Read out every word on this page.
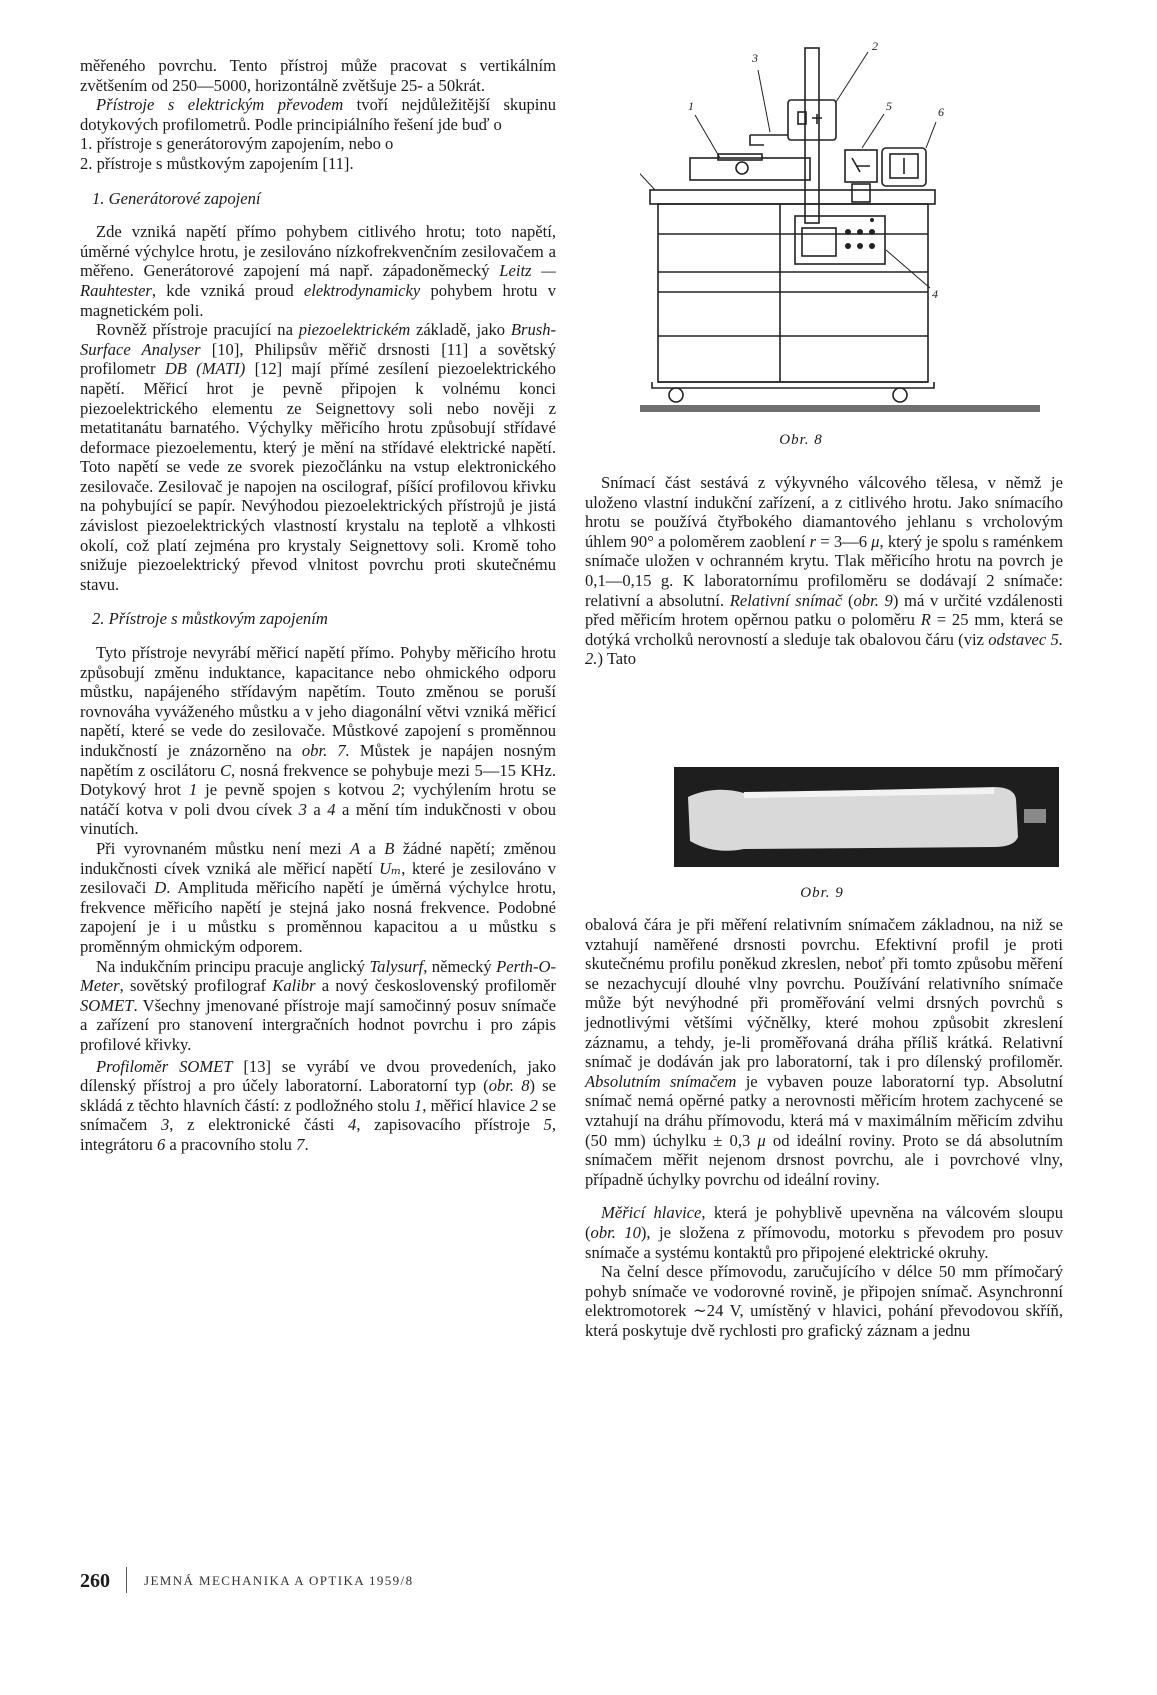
měřeného povrchu. Tento přístroj může pracovat s vertikálním zvětšením od 250—5000, horizontálně zvětšuje 25- a 50krát.

Přístroje s elektrickým převodem tvoří nejdůležitější skupinu dotykových profilometrů. Podle principiálního řešení jde buď o

1. přístroje s generátorovým zapojením, nebo o

2. přístroje s můstkovým zapojením [11].

1. Generátorové zapojení

Zde vzniká napětí přímo pohybem citlivého hrotu; toto napětí, úměrné výchylce hrotu, je zesilováno nízkofrekvenčním zesilovačem a měřeno. Generátorové zapojení má např. západoněmecký Leitz — Rauhtester, kde vzniká proud elektrodynamicky pohybem hrotu v magnetickém poli.

Rovněž přístroje pracující na piezoelektrickém základě, jako Brush-Surface Analyser [10], Philipsův měřič drsnosti [11] a sovětský profilometr DB (MATI) [12] mají přímé zesílení piezoelektrického napětí. Měřicí hrot je pevně připojen k volnému konci piezoelektrického elementu ze Seignettovy soli nebo nověji z metatitanátu barnatého. Výchylky měřicího hrotu způsobují střídavé deformace piezoelementu, který je mění na střídavé elektrické napětí. Toto napětí se vede ze svorek piezočlánku na vstup elektronického zesilovače. Zesilovač je napojen na oscilograf, píšící profilovou křivku na pohybující se papír. Nevýhodou piezoelektrických přístrojů je jistá závislost piezoelektrických vlastností krystalu na teplotě a vlhkosti okolí, což platí zejména pro krystaly Seignettovy soli. Kromě toho snižuje piezoelektrický převod vlnitost povrchu proti skutečnému stavu.

2. Přístroje s můstkovým zapojením

Tyto přístroje nevyrábí měřicí napětí přímo. Pohyby měřicího hrotu způsobují změnu induktance, kapacitance nebo ohmického odporu můstku, napájeného střídavým napětím. Touto změnou se poruší rovnováha vyváženého můstku a v jeho diagonální větvi vzniká měřicí napětí, které se vede do zesilovače. Můstkové zapojení s proměnnou indukčností je znázorněno na obr. 7. Můstek je napájen nosným napětím z oscilátoru C, nosná frekvence se pohybuje mezi 5—15 KHz. Dotykový hrot 1 je pevně spojen s kotvou 2; vychýlením hrotu se natáčí kotva v poli dvou cívek 3 a 4 a mění tím indukčnosti v obou vinutích.

Při vyrovnaném můstku není mezi A a B žádné napětí; změnou indukčnosti cívek vzniká ale měřicí napětí Uₘ, které je zesilováno v zesilovači D. Amplituda měřicího napětí je úměrná výchylce hrotu, frekvence měřicího napětí je stejná jako nosná frekvence. Podobné zapojení je i u můstku s proměnnou kapacitou a u můstku s proměnným ohmickým odporem.

Na indukčním principu pracuje anglický Talysurf, německý Perth-O-Meter, sovětský profilograf Kalibr a nový československý profiloměr SOMET. Všechny jmenované přístroje mají samočinný posuv snímače a zařízení pro stanovení intergračních hodnot povrchu i pro zápis profilové křivky.

Profiloměr SOMET [13] se vyrábí ve dvou provedeních, jako dílenský přístroj a pro účely laboratorní. Laboratorní typ (obr. 8) se skládá z těchto hlavních částí: z podložného stolu 1, měřicí hlavice 2 se snímačem 3, z elektronické části 4, zapisovacího přístroje 5, integrátoru 6 a pracovního stolu 7.

1
2
3
4
5	6
Obr. 8

Snímací část sestává z výkyvného válcového tělesa, v němž je uloženo vlastní indukční zařízení, a z citlivého hrotu. Jako snímacího hrotu se používá čtyřbokého diamantového jehlanu s vrcholovým úhlem 90° a poloměrem zaoblení r = 3—6 μ, který je spolu s raménkem snímače uložen v ochranném krytu. Tlak měřicího hrotu na povrch je 0,1—0,15 g. K laboratornímu profiloměru se dodávají 2 snímače: relativní a absolutní. Relativní snímač (obr. 9) má v určité vzdálenosti před měřicím hrotem opěrnou patku o poloměru R = 25 mm, která se dotýká vrcholků nerovností a sleduje tak obalovou čáru (viz odstavec 5. 2.) Tato

Obr. 9

obalová čára je při měření relativním snímačem základnou, na niž se vztahují naměřené drsnosti povrchu. Efektivní profil je proti skutečnému profilu poněkud zkreslen, neboť při tomto způsobu měření se nezachycují dlouhé vlny povrchu. Používání relativního snímače může být nevýhodné při proměřování velmi drsných povrchů s jednotlivými většími výčnělky, které mohou způsobit zkreslení záznamu, a tehdy, je-li proměřovaná dráha příliš krátká. Relativní snímač je dodáván jak pro laboratorní, tak i pro dílenský profiloměr. Absolutním snímačem je vybaven pouze laboratorní typ. Absolutní snímač nemá opěrné patky a nerovnosti měřicím hrotem zachycené se vztahují na dráhu přímovodu, která má v maximálním měřicím zdvihu (50 mm) úchylku ± 0,3 μ od ideální roviny. Proto se dá absolutním snímačem měřit nejenom drsnost povrchu, ale i povrchové vlny, případně úchylky povrchu od ideální roviny.

Měřicí hlavice, která je pohyblivě upevněna na válcovém sloupu (obr. 10), je složena z přímovodu, motorku s převodem pro posuv snímače a systému kontaktů pro připojené elektrické okruhy.

Na čelní desce přímovodu, zaručujícího v délce 50 mm přímočarý pohyb snímače ve vodorovné rovině, je připojen snímač. Asynchronní elektromotorek ∼24 V, umístěný v hlavici, pohání převodovou skříň, která poskytuje dvě rychlosti pro grafický záznam a jednu

260	JEMNÁ MECHANIKA A OPTIKA 1959/8
